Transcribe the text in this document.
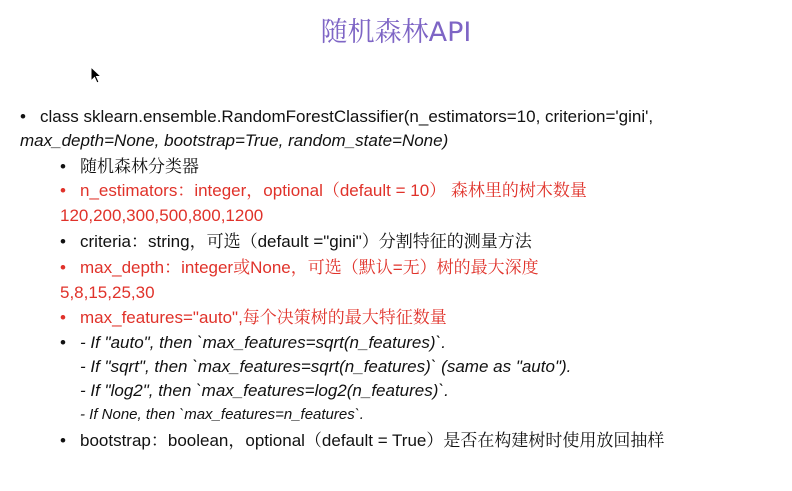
随机森林API
• class sklearn.ensemble.RandomForestClassifier(n_estimators=10, criterion='gini',
max_depth=None, bootstrap=True, random_state=None)
• 随机森林分类器
• n_estimators：integer，optional（default = 10） 森林里的树木数量
120,200,300,500,800,1200
• criteria：string，可选（default ="gini"）分割特征的测量方法
• max_depth：integer或None，可选（默认=无）树的最大深度
5,8,15,25,30
• max_features="auto",每个决策树的最大特征数量
• - If "auto", then `max_features=sqrt(n_features)`.
- If "sqrt", then `max_features=sqrt(n_features)` (same as "auto").
- If "log2", then `max_features=log2(n_features)`.
- If None, then `max_features=n_features`.
• bootstrap：boolean，optional（default = True）是否在构建树时使用放回抽样
